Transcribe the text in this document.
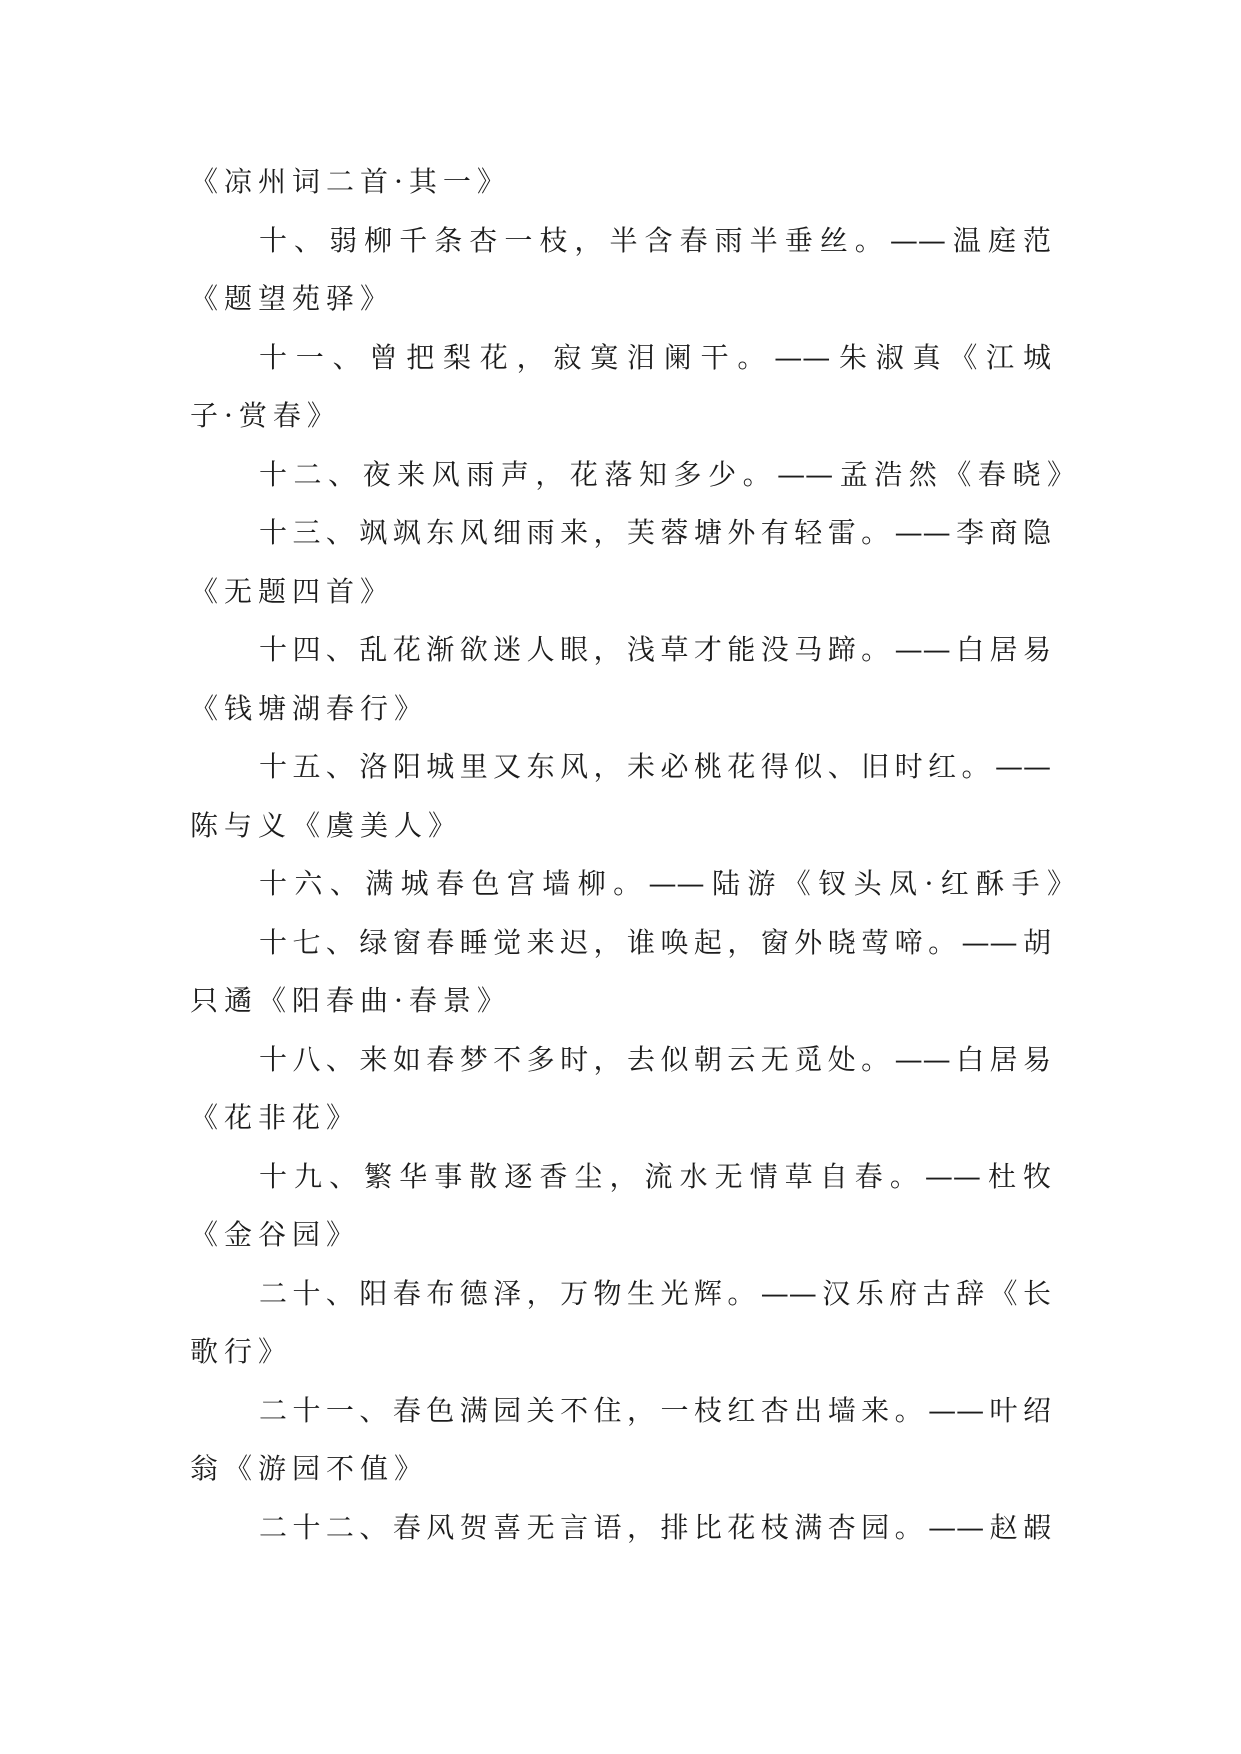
《凉州词二首·其一》
十、弱柳千条杏一枝，半含春雨半垂丝。——温庭范
《题望苑驿》
十一、曾把梨花，寂寞泪阑干。——朱淑真《江城
子·赏春》
十二、夜来风雨声，花落知多少。——孟浩然《春晓》
十三、飒飒东风细雨来，芙蓉塘外有轻雷。——李商隐
《无题四首》
十四、乱花渐欲迷人眼，浅草才能没马蹄。——白居易
《钱塘湖春行》
十五、洛阳城里又东风，未必桃花得似、旧时红。——
陈与义《虞美人》
十六、满城春色宫墙柳。——陆游《钗头凤·红酥手》
十七、绿窗春睡觉来迟，谁唤起，窗外晓莺啼。——胡
只遹《阳春曲·春景》
十八、来如春梦不多时，去似朝云无觅处。——白居易
《花非花》
十九、繁华事散逐香尘，流水无情草自春。——杜牧
《金谷园》
二十、阳春布德泽，万物生光辉。——汉乐府古辞《长
歌行》
二十一、春色满园关不住，一枝红杏出墙来。——叶绍
翁《游园不值》
二十二、春风贺喜无言语，排比花枝满杏园。——赵嘏
